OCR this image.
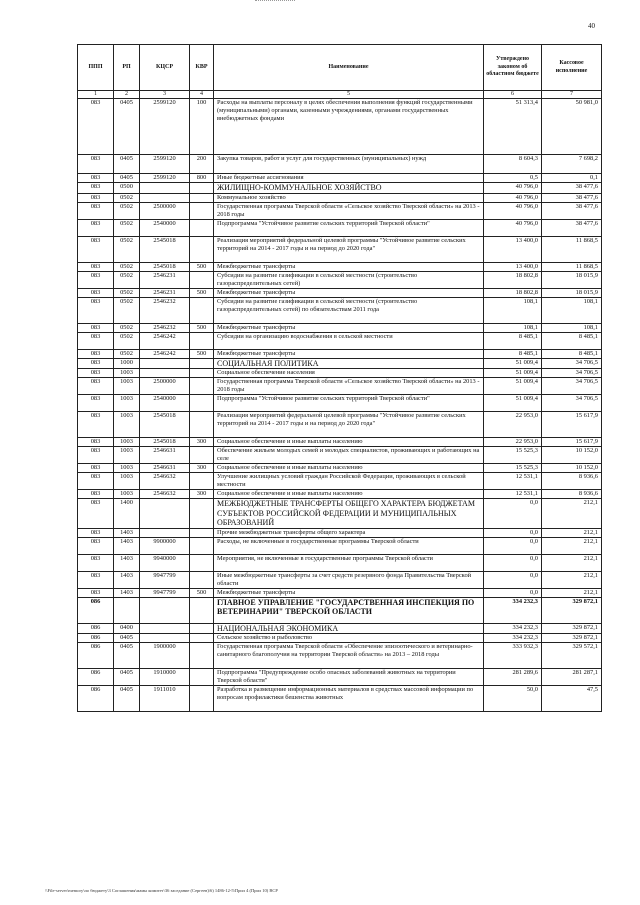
40
ППП	РП	КЦСР	КВР	Наименование	Утверждено законом об областном бюджете	Кассовое исполнение
1	2	3	4	5	6	7
083	0405	2599120	100	Расходы на выплаты персоналу в целях обеспечения выполнения функций государственными (муниципальными) органами, казенными учреждениями, органами государственных внебюджетных фондами	51 313,4	50 981,0
083	0405	2599120	200	Закупка товаров, работ и услуг для государственных (муниципальных) нужд	8 604,3	7 698,2
083	0405	2599120	800	Иные бюджетные ассигнования	0,5	0,1
083	0500			ЖИЛИЩНО-КОММУНАЛЬНОЕ ХОЗЯЙСТВО	40 796,0	38 477,6
083	0502			Коммунальное хозяйство	40 796,0	38 477,6
083	0502	2500000		Государственная программа Тверской области «Сельское хозяйство Тверской области» на 2013 - 2018 годы	40 796,0	38 477,6
083	0502	2540000		Подпрограмма "Устойчивое развитие сельских территорий Тверской области"	40 796,0	38 477,6
083	0502	2545018		Реализация мероприятий федеральной целевой программы "Устойчивое развитие сельских территорий на 2014 - 2017 годы и на период до 2020 года"	13 400,0	11 868,5
083	0502	2545018	500	Межбюджетные трансферты	13 400,0	11 868,5
083	0502	2546231		Субсидии на развитие газификации в сельской местности (строительство газораспределительных сетей)	18 802,8	18 015,9
083	0502	2546231	500	Межбюджетные трансферты	18 802,8	18 015,9
083	0502	2546232		Субсидии на развитие газификации в сельской местности (строительство газораспределительных сетей) по обязательствам 2011 года	108,1	108,1
083	0502	2546232	500	Межбюджетные трансферты	108,1	108,1
083	0502	2546242		Субсидии на организацию водоснабжения в сельской местности	8 485,1	8 485,1
083	0502	2546242	500	Межбюджетные трансферты	8 485,1	8 485,1
083	1000			СОЦИАЛЬНАЯ ПОЛИТИКА	51 009,4	34 706,5
083	1003			Социальное обеспечение населения	51 009,4	34 706,5
083	1003	2500000		Государственная программа Тверской области «Сельское хозяйство Тверской области» на 2013 - 2018 годы	51 009,4	34 706,5
083	1003	2540000		Подпрограмма "Устойчивое развитие сельских территорий Тверской области"	51 009,4	34 706,5
083	1003	2545018		Реализация мероприятий федеральной целевой программы "Устойчивое развитие сельских территорий на 2014 - 2017 годы и на период до 2020 года"	22 953,0	15 617,9
083	1003	2545018	300	Социальное обеспечение и иные выплаты населению	22 953,0	15 617,9
083	1003	2546631		Обеспечение жильем молодых семей и молодых специалистов, проживающих и работающих на селе	15 525,3	10 152,0
083	1003	2546631	300	Социальное обеспечение и иные выплаты населению	15 525,3	10 152,0
083	1003	2546632		Улучшение жилищных условий граждан Российской Федерации, проживающих в сельской местности	12 531,1	8 936,6
083	1003	2546632	300	Социальное обеспечение и иные выплаты населению	12 531,1	8 936,6
083	1400			МЕЖБЮДЖЕТНЫЕ ТРАНСФЕРТЫ ОБЩЕГО ХАРАКТЕРА БЮДЖЕТАМ СУБЪЕКТОВ РОССИЙСКОЙ ФЕДЕРАЦИИ И МУНИЦИПАЛЬНЫХ ОБРАЗОВАНИЙ	0,0	212,1
083	1403			Прочие межбюджетные трансферты общего характера	0,0	212,1
083	1403	9900000		Расходы, не включенные в государственные программы Тверской области	0,0	212,1
083	1403	9940000		Мероприятия, не включенные в государственные программы Тверской области	0,0	212,1
083	1403	9947799		Иные межбюджетные трансферты за счет средств резервного фонда Правительства Тверской области	0,0	212,1
083	1403	9947799	500	Межбюджетные трансферты	0,0	212,1
086				ГЛАВНОЕ УПРАВЛЕНИЕ "ГОСУДАРСТВЕННАЯ ИНСПЕКЦИЯ ПО ВЕТЕРИНАРИИ" ТВЕРСКОЙ ОБЛАСТИ	334 232,3	329 872,1
086	0400			НАЦИОНАЛЬНАЯ ЭКОНОМИКА	334 232,3	329 872,1
086	0405			Сельское хозяйство и рыболовство	334 232,3	329 872,1
086	0405	1900000		Государственная программа Тверской области «Обеспечение эпизоотического и ветеринарно-санитарного благополучия на территории Тверской области» на 2013 – 2018 годы	333 932,3	329 572,1
086	0405	1910000		Подпрограмма "Предупреждение особо опасных заболеваний животных на территории Тверской области"	281 289,6	281 287,1
086	0405	1911010		Разработка и размещение информационных материалов в средствах массовой информации по вопросам профилактики бешенства животных	50,0	47,5
\\File-server\memory\по бюджету\3 Соглашения\мамы комитет\36 заседание (Сергеев)\6) 1486-12-5\Прил 4 (Прил 10) ВСР
